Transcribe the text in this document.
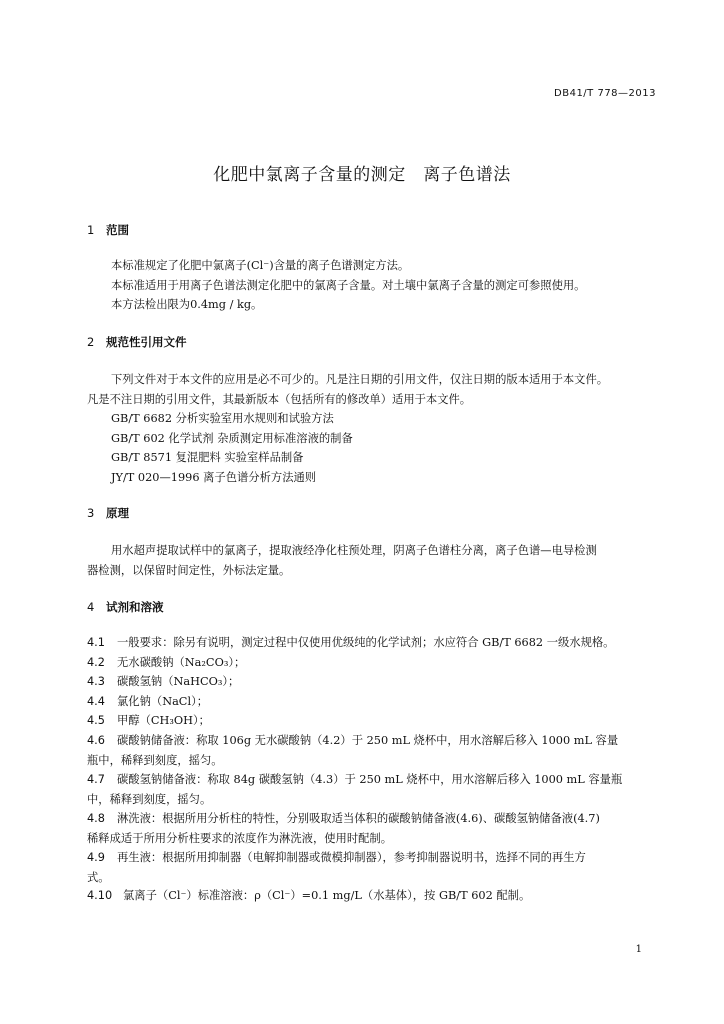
DB41/T 778—2013
化肥中氯离子含量的测定　离子色谱法
1 范围
本标准规定了化肥中氯离子(Cl⁻)含量的离子色谱测定方法。
本标准适用于用离子色谱法测定化肥中的氯离子含量。对土壤中氯离子含量的测定可参照使用。
本方法检出限为0.4mg / kg。
2 规范性引用文件
下列文件对于本文件的应用是必不可少的。凡是注日期的引用文件，仅注日期的版本适用于本文件。
凡是不注日期的引用文件，其最新版本（包括所有的修改单）适用于本文件。
GB/T 6682 分析实验室用水规则和试验方法
GB/T 602 化学试剂 杂质测定用标准溶液的制备
GB/T 8571 复混肥料 实验室样品制备
JY/T 020—1996 离子色谱分析方法通则
3 原理
用水超声提取试样中的氯离子，提取液经净化柱预处理，阴离子色谱柱分离，离子色谱—电导检测
器检测，以保留时间定性，外标法定量。
4 试剂和溶液
4.1 一般要求：除另有说明，测定过程中仅使用优级纯的化学试剂；水应符合 GB/T 6682 一级水规格。
4.2 无水碳酸钠（Na₂CO₃）；
4.3 碳酸氢钠（NaHCO₃）；
4.4 氯化钠（NaCl）；
4.5 甲醇（CH₃OH）；
4.6 碳酸钠储备液：称取 106g 无水碳酸钠（4.2）于 250 mL 烧杯中，用水溶解后移入 1000 mL 容量
瓶中，稀释到刻度，摇匀。
4.7 碳酸氢钠储备液：称取 84g 碳酸氢钠（4.3）于 250 mL 烧杯中，用水溶解后移入 1000 mL 容量瓶
中，稀释到刻度，摇匀。
4.8 淋洗液：根据所用分析柱的特性，分别吸取适当体积的碳酸钠储备液(4.6)、碳酸氢钠储备液(4.7)
稀释成适于所用分析柱要求的浓度作为淋洗液，使用时配制。
4.9 再生液：根据所用抑制器（电解抑制器或微模抑制器），参考抑制器说明书，选择不同的再生方
式。
4.10 氯离子（Cl⁻）标准溶液：ρ（Cl⁻）=0.1 mg/L（水基体），按 GB/T 602 配制。
1
